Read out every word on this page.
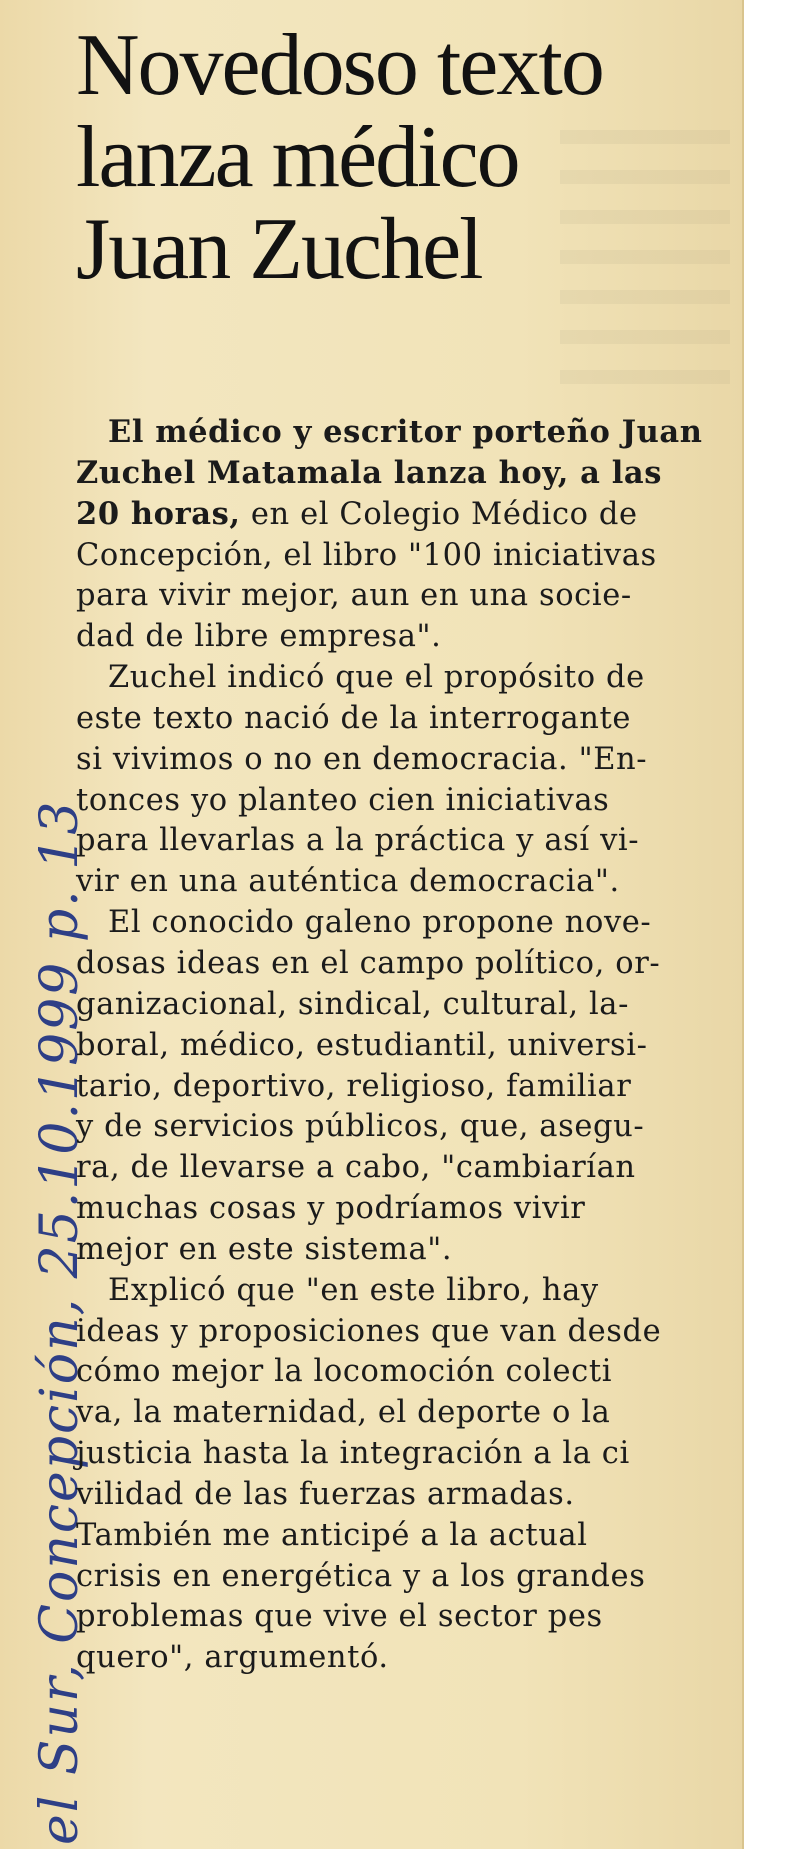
el Sur, Concepción, 25.10.1999 p. 13
Novedoso texto
lanza médico
Juan Zuchel
El médico y escritor porteño Juan
Zuchel Matamala lanza hoy, a las
20 horas, en el Colegio Médico de
Concepción, el libro "100 iniciativas
para vivir mejor, aun en una socie-
dad de libre empresa".
Zuchel indicó que el propósito de
este texto nació de la interrogante
si vivimos o no en democracia. "En-
tonces yo planteo cien iniciativas
para llevarlas a la práctica y así vi-
vir en una auténtica democracia".
El conocido galeno propone nove-
dosas ideas en el campo político, or-
ganizacional, sindical, cultural, la-
boral, médico, estudiantil, universi-
tario, deportivo, religioso, familiar
y de servicios públicos, que, asegu-
ra, de llevarse a cabo, "cambiarían
muchas cosas y podríamos vivir
mejor en este sistema".
Explicó que "en este libro, hay
ideas y proposiciones que van desde
cómo mejor la locomoción colecti
va, la maternidad, el deporte o la
justicia hasta la integración a la ci
vilidad de las fuerzas armadas.
También me anticipé a la actual
crisis en energética y a los grandes
problemas que vive el sector pes
quero", argumentó.
